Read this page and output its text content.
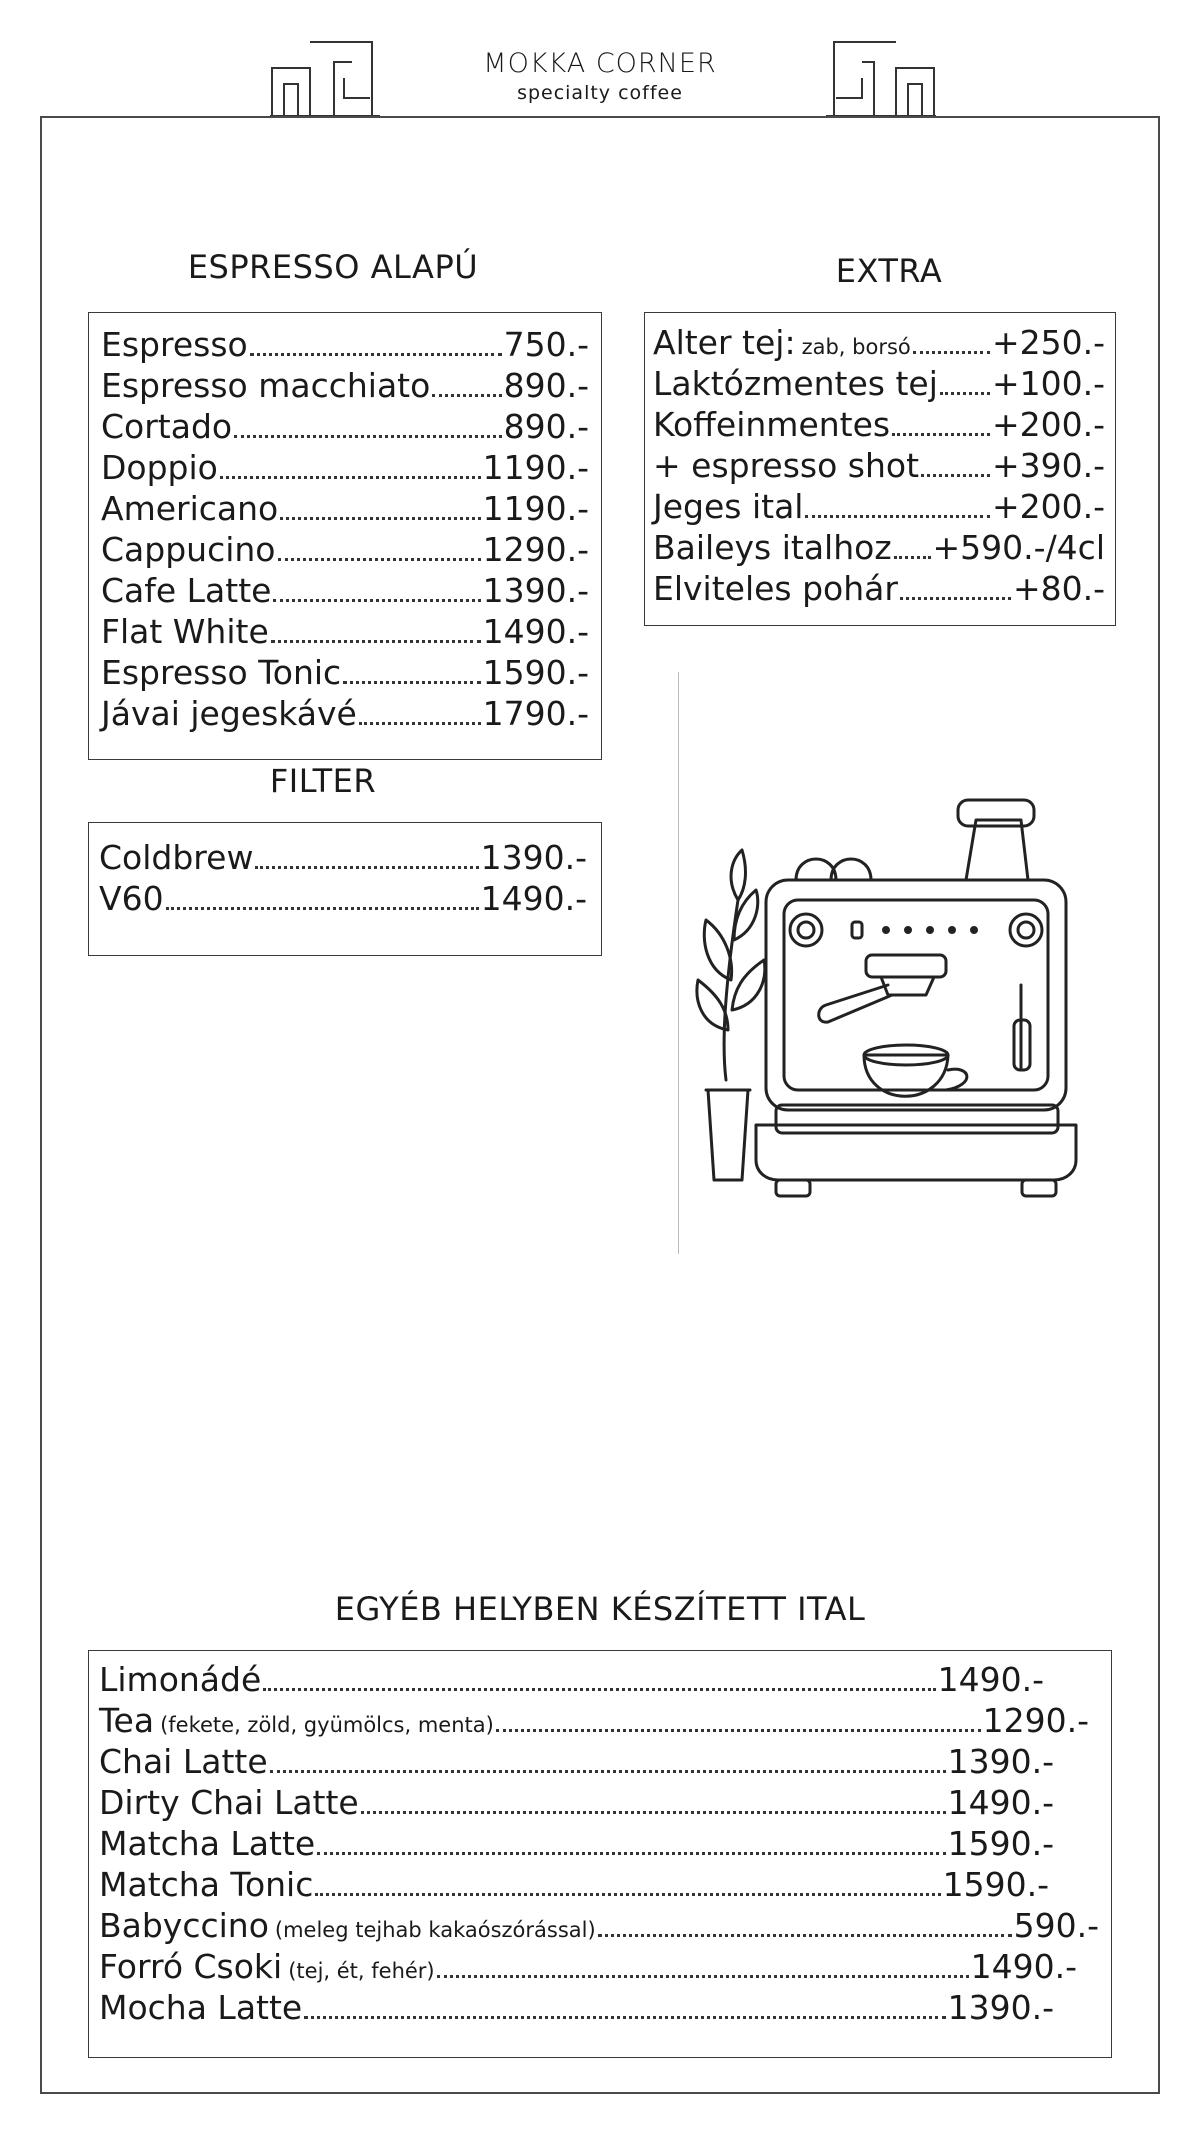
MOKKA CORNER
specialty coffee
ESPRESSO ALAPÚ
Espresso	750.-
Espresso macchiato 890.-
Cortado	890.-
Doppio	1190.-
Americano	1190.-
Cappucino	1290.-
Cafe Latte	1390.-
Flat White	1490.-
Espresso Tonic	1590.-
Jávai jegeskávé	1790.-
FILTER
Coldbrew	1390.-
V60	1490.-
EXTRA
Alter tej: zab, borsó +250.-
Laktózmentes tej +100.-
Koffeinmentes	+200.-
+ espresso shot +390.-
Jeges ital	+200.-
Baileys italhoz +590.-/4cl
Elviteles pohár	+80.-
EGYÉB HELYBEN KÉSZÍTETT ITAL
Limonádé	1490.-
Tea (fekete, zöld, gyümölcs, menta)	1290.-
Chai Latte	1390.-
Dirty Chai Latte	1490.-
Matcha Latte	1590.-
Matcha Tonic	1590.-
Babyccino (meleg tejhab kakaószórással)	590.-
Forró Csoki (tej, ét, fehér)	1490.-
Mocha Latte	1390.-
